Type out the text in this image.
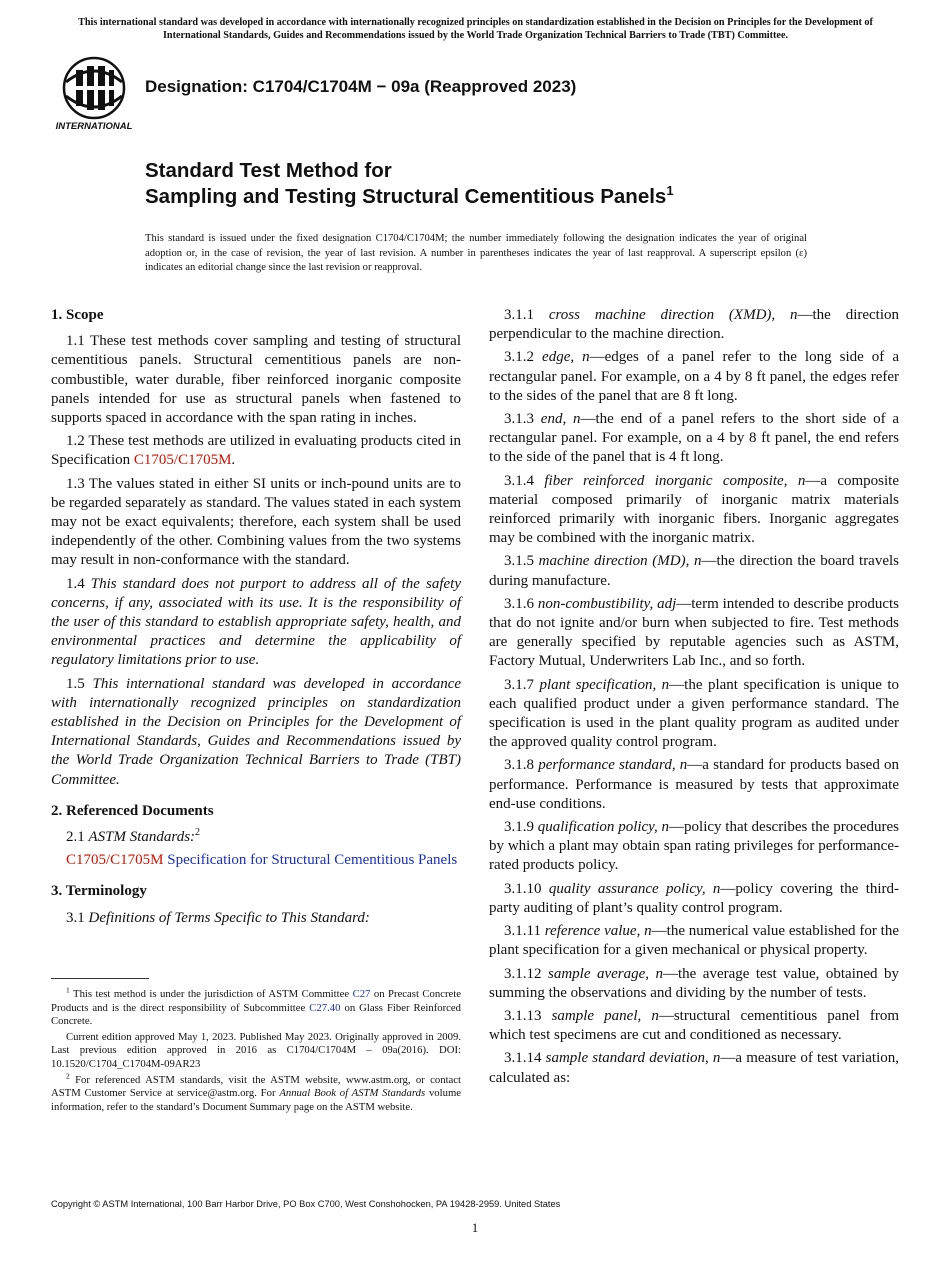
This international standard was developed in accordance with internationally recognized principles on standardization established in the Decision on Principles for the Development of International Standards, Guides and Recommendations issued by the World Trade Organization Technical Barriers to Trade (TBT) Committee.
INTERNATIONAL
Designation: C1704/C1704M − 09a (Reapproved 2023)
Standard Test Method for
Sampling and Testing Structural Cementitious Panels$^1$
This standard is issued under the fixed designation C1704/C1704M; the number immediately following the designation indicates the year of original adoption or, in the case of revision, the year of last revision. A number in parentheses indicates the year of last reapproval. A superscript epsilon (ε) indicates an editorial change since the last revision or reapproval.
1. Scope

1.1 These test methods cover sampling and testing of structural cementitious panels. Structural cementitious panels are non-combustible, water durable, fiber reinforced inorganic composite panels intended for use as structural panels when fastened to supports spaced in accordance with the span rating in inches.

1.2 These test methods are utilized in evaluating products cited in Specification C1705/C1705M.

1.3 The values stated in either SI units or inch-pound units are to be regarded separately as standard. The values stated in each system may not be exact equivalents; therefore, each system shall be used independently of the other. Combining values from the two systems may result in non-conformance with the standard.

1.4 This standard does not purport to address all of the safety concerns, if any, associated with its use. It is the responsibility of the user of this standard to establish appropriate safety, health, and environmental practices and determine the applicability of regulatory limitations prior to use.

1.5 This international standard was developed in accordance with internationally recognized principles on standardization established in the Decision on Principles for the Development of International Standards, Guides and Recommendations issued by the World Trade Organization Technical Barriers to Trade (TBT) Committee.

2. Referenced Documents

2.1 ASTM Standards:$^2$

C1705/C1705M Specification for Structural Cementitious Panels

3. Terminology

3.1 Definitions of Terms Specific to This Standard:

3.1.1 cross machine direction (XMD), n—the direction perpendicular to the machine direction.

3.1.2 edge, n—edges of a panel refer to the long side of a rectangular panel. For example, on a 4 by 8 ft panel, the edges refer to the sides of the panel that are 8 ft long.

3.1.3 end, n—the end of a panel refers to the short side of a rectangular panel. For example, on a 4 by 8 ft panel, the end refers to the side of the panel that is 4 ft long.

3.1.4 fiber reinforced inorganic composite, n—a composite material composed primarily of inorganic matrix materials reinforced primarily with inorganic fibers. Inorganic aggregates may be combined with the inorganic matrix.

3.1.5 machine direction (MD), n—the direction the board travels during manufacture.

3.1.6 non-combustibility, adj—term intended to describe products that do not ignite and/or burn when subjected to fire. Test methods are generally specified by reputable agencies such as ASTM, Factory Mutual, Underwriters Lab Inc., and so forth.

3.1.7 plant specification, n—the plant specification is unique to each qualified product under a given performance standard. The specification is used in the plant quality program as audited under the approved quality control program.

3.1.8 performance standard, n—a standard for products based on performance. Performance is measured by tests that approximate end-use conditions.

3.1.9 qualification policy, n—policy that describes the procedures by which a plant may obtain span rating privileges for performance-rated products policy.

3.1.10 quality assurance policy, n—policy covering the third-party auditing of plant’s quality control program.

3.1.11 reference value, n—the numerical value established for the plant specification for a given mechanical or physical property.

3.1.12 sample average, n—the average test value, obtained by summing the observations and dividing by the number of tests.

3.1.13 sample panel, n—structural cementitious panel from which test specimens are cut and conditioned as necessary.

3.1.14 sample standard deviation, n—a measure of test variation, calculated as:

$^1$ This test method is under the jurisdiction of ASTM Committee C27 on Precast Concrete Products and is the direct responsibility of Subcommittee C27.40 on Glass Fiber Reinforced Concrete.

Current edition approved May 1, 2023. Published May 2023. Originally approved in 2009. Last previous edition approved in 2016 as C1704/C1704M – 09a(2016). DOI: 10.1520/C1704_C1704M-09AR23

$^2$ For referenced ASTM standards, visit the ASTM website, www.astm.org, or contact ASTM Customer Service at service@astm.org. For Annual Book of ASTM Standards volume information, refer to the standard’s Document Summary page on the ASTM website.

Copyright © ASTM International, 100 Barr Harbor Drive, PO Box C700, West Conshohocken, PA 19428-2959. United States
1
